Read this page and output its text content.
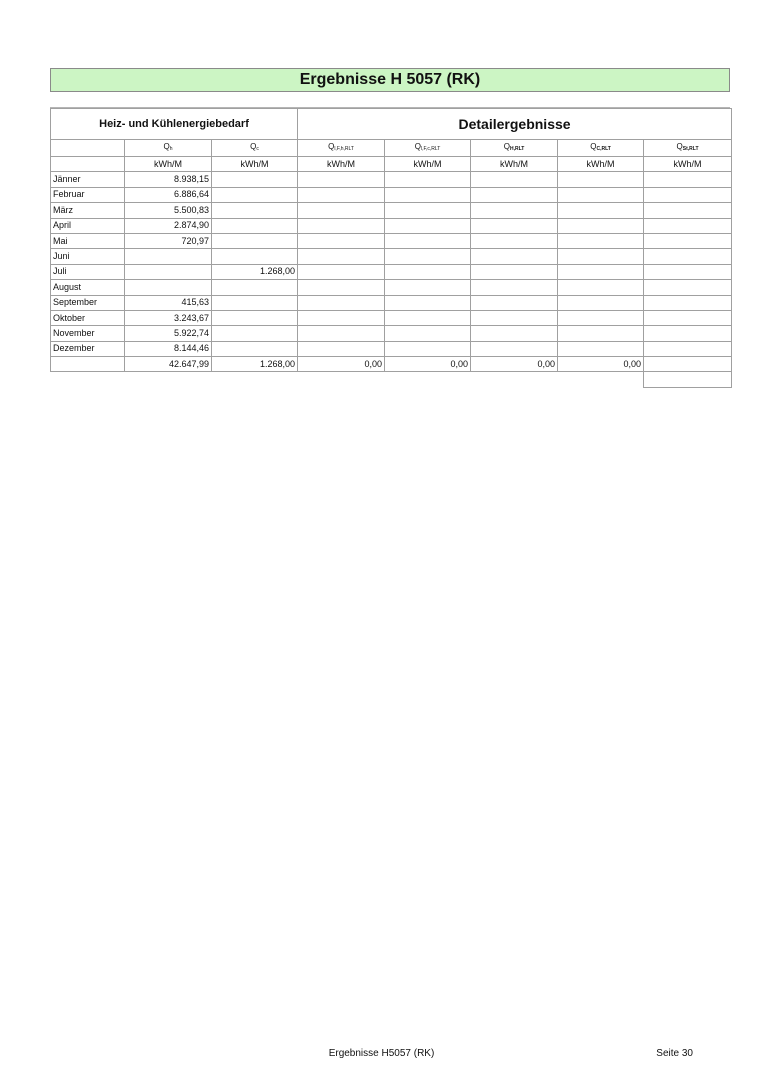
Ergebnisse H 5057 (RK)
Heiz- und Kühlenergiebedarf			Detailergebnisse				
	$Q_h$	$Q_c$	$Q_{l,F,h,RLT}$	$Q_{l,F,c,RLT}$	$Q_{H,RLT}$	$Q_{C,RLT}$	$Q_{St,RLT}$
	kWh/M	kWh/M	kWh/M	kWh/M	kWh/M	kWh/M	kWh/M
Jänner	8.938,15						
Februar	6.886,64						
März	5.500,83						
April	2.874,90						
Mai	720,97						
Juni							
Juli		1.268,00					
August							
September	415,63						
Oktober	3.243,67						
November	5.922,74						
Dezember	8.144,46						
	42.647,99	1.268,00	0,00	0,00	0,00	0,00	

Ergebnisse H5057 (RK)	Seite 30
